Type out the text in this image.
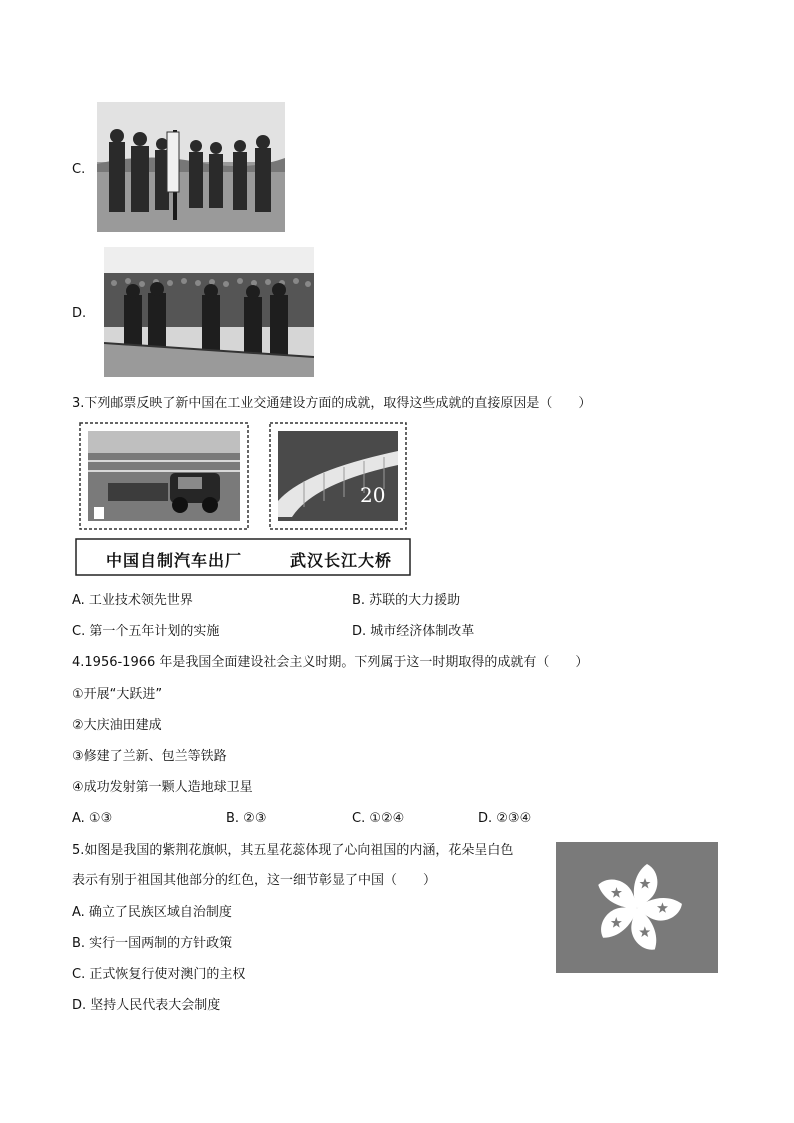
C.
D.
3.下列邮票反映了新中国在工业交通建设方面的成就，取得这些成就的直接原因是（　　）
20
中国自制汽车出厂	武汉长江大桥
A. 工业技术领先世界	B. 苏联的大力援助
C. 第一个五年计划的实施	D. 城市经济体制改革
4.1956-1966 年是我国全面建设社会主义时期。下列属于这一时期取得的成就有（　　）
①开展“大跃进”
②大庆油田建成
③修建了兰新、包兰等铁路
④成功发射第一颗人造地球卫星
A. ①③	B. ②③	C. ①②④	D. ②③④
5.如图是我国的紫荆花旗帜，其五星花蕊体现了心向祖国的内涵，花朵呈白色
表示有别于祖国其他部分的红色，这一细节彰显了中国（　　）
A. 确立了民族区域自治制度
B. 实行一国两制的方针政策
C. 正式恢复行使对澳门的主权
D. 坚持人民代表大会制度
